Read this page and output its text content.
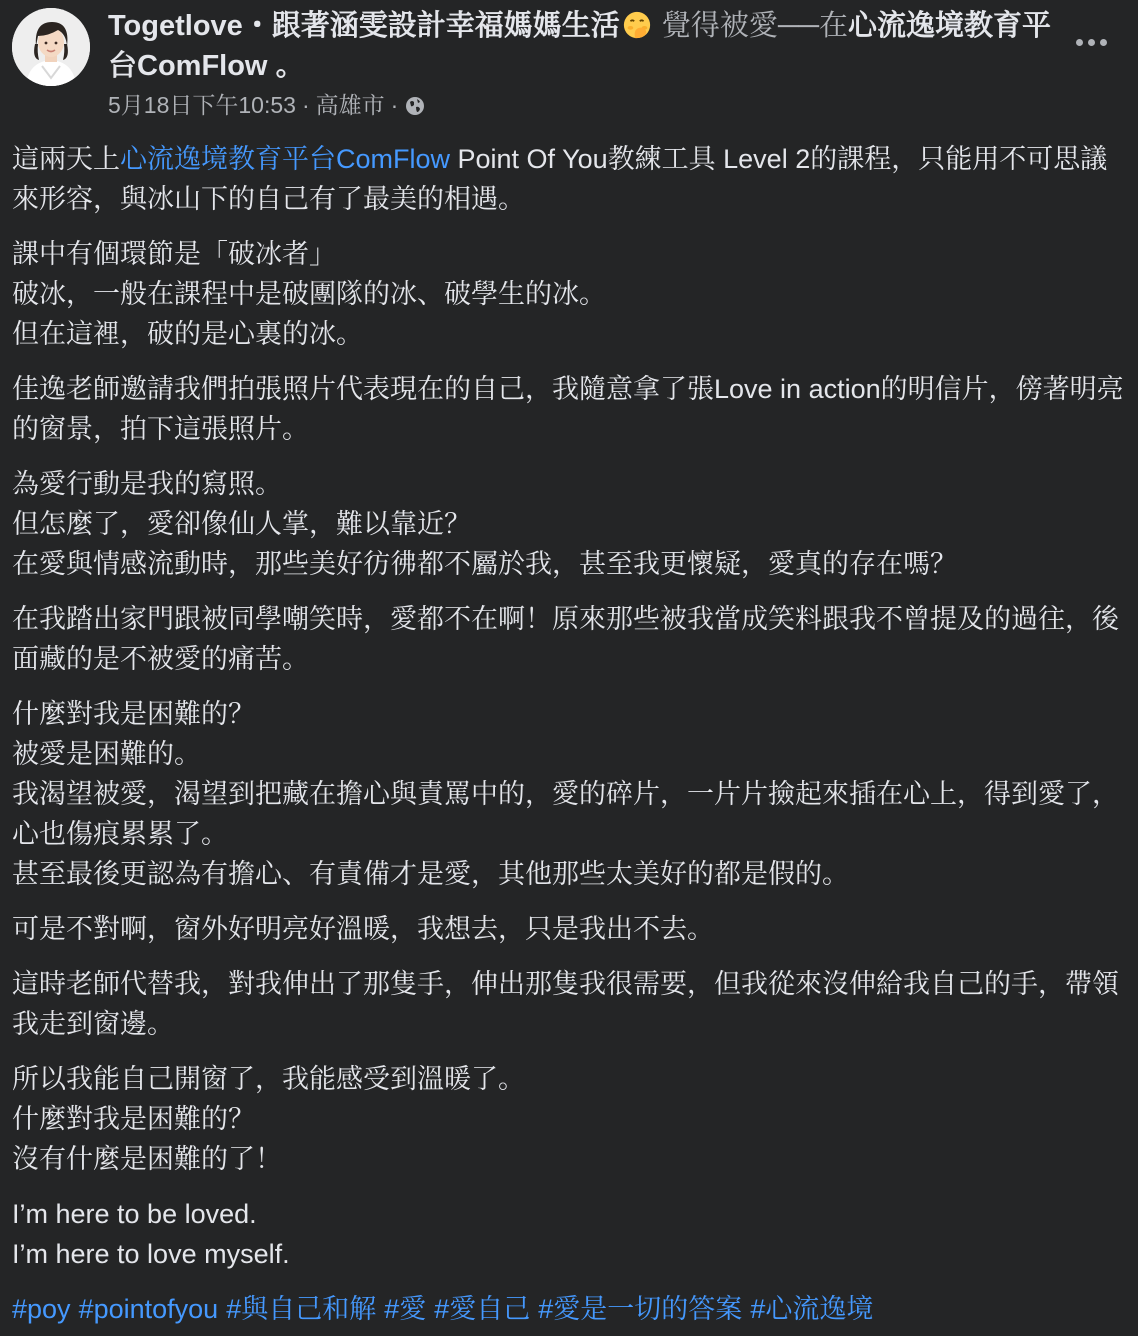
Togetlove・跟著涵雯設計幸福媽媽生活 覺得被愛──在心流逸境教育平台ComFlow 。
5月18日下午10:53 · 高雄市 ·

這兩天上心流逸境教育平台ComFlow Point Of You教練工具 Level 2的課程，只能用不可思議來形容，與冰山下的自己有了最美的相遇。

課中有個環節是「破冰者」
破冰，一般在課程中是破團隊的冰、破學生的冰。
但在這裡，破的是心裏的冰。

佳逸老師邀請我們拍張照片代表現在的自己，我隨意拿了張Love in action的明信片，傍著明亮的窗景，拍下這張照片。

為愛行動是我的寫照。
但怎麼了，愛卻像仙人掌，難以靠近？
在愛與情感流動時，那些美好彷彿都不屬於我，甚至我更懷疑，愛真的存在嗎？

在我踏出家門跟被同學嘲笑時，愛都不在啊！原來那些被我當成笑料跟我不曾提及的過往，後面藏的是不被愛的痛苦。

什麼對我是困難的？
被愛是困難的。
我渴望被愛，渴望到把藏在擔心與責罵中的，愛的碎片，一片片撿起來插在心上，得到愛了，心也傷痕累累了。
甚至最後更認為有擔心、有責備才是愛，其他那些太美好的都是假的。

可是不對啊，窗外好明亮好溫暖，我想去，只是我出不去。

這時老師代替我，對我伸出了那隻手，伸出那隻我很需要，但我從來沒伸給我自己的手，帶領我走到窗邊。

所以我能自己開窗了，我能感受到溫暖了。
什麼對我是困難的？
沒有什麼是困難的了！

I’m here to be loved.
I’m here to love myself.

#poy #pointofyou #與自己和解 #愛 #愛自己 #愛是一切的答案 #心流逸境
